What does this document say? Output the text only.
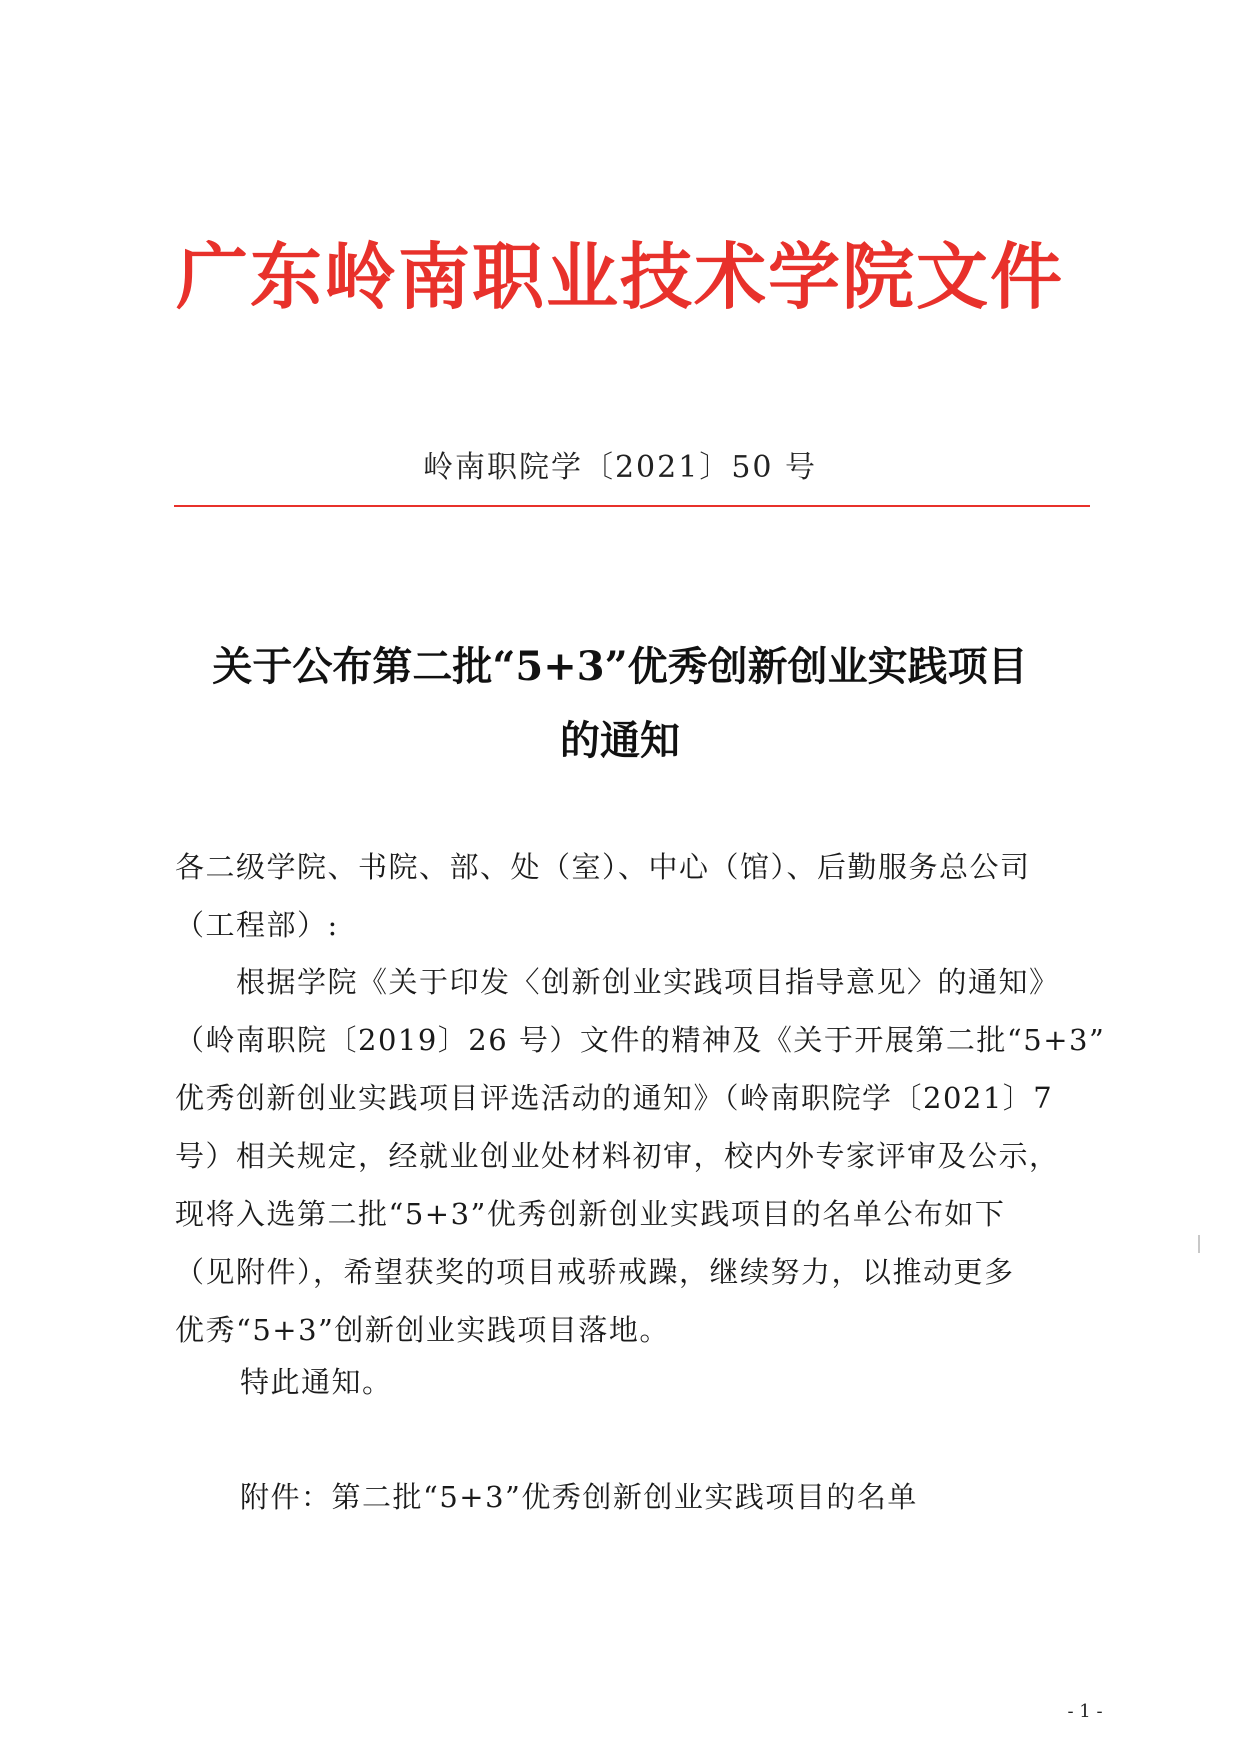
广东岭南职业技术学院文件
岭南职院学〔2021〕50 号
关于公布第二批“5+3”优秀创新创业实践项目
的通知
各二级学院、书院、部、处（室）、中心（馆）、后勤服务总公司
（工程部）:
　　根据学院《关于印发〈创新创业实践项目指导意见〉的通知》
（岭南职院〔2019〕26 号）文件的精神及《关于开展第二批“5+3”
优秀创新创业实践项目评选活动的通知》（岭南职院学〔2021〕7
号）相关规定，经就业创业处材料初审，校内外专家评审及公示，
现将入选第二批“5+3”优秀创新创业实践项目的名单公布如下
（见附件），希望获奖的项目戒骄戒躁，继续努力，以推动更多
优秀“5+3”创新创业实践项目落地。
特此通知。
附件：第二批“5+3”优秀创新创业实践项目的名单
- 1 -
